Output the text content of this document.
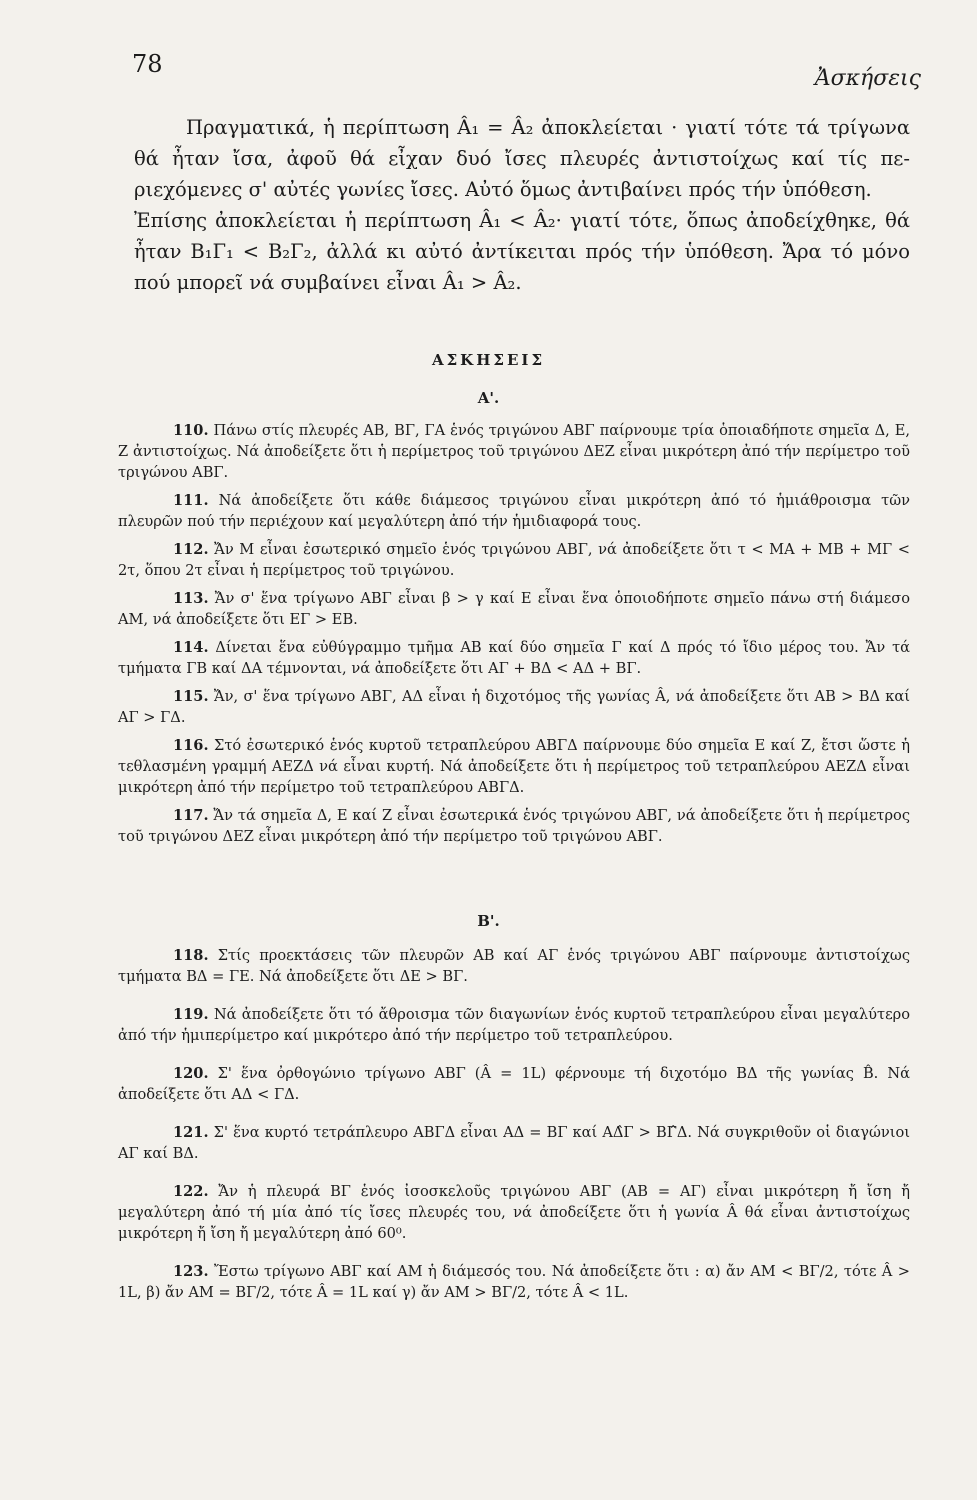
78
Ἀσκήσεις

Πραγματικά, ἡ περίπτωση Â₁ = Â₂ ἀποκλείεται · γιατί τότε τά τρίγωνα θά ἦταν ἴσα, ἀφοῦ θά εἶχαν δυό ἴσες πλευρές ἀντιστοίχως καί τίς περιεχόμενες σ' αὐτές γωνίες ἴσες. Αὐτό ὅμως ἀντιβαίνει πρός τήν ὑπόθεση.

Ἐπίσης ἀποκλείεται ἡ περίπτωση Â₁ < Â₂· γιατί τότε, ὅπως ἀποδείχθηκε, θά ἦταν Β₁Γ₁ < Β₂Γ₂, ἀλλά κι αὐτό ἀντίκειται πρός τήν ὑπόθεση. Ἄρα τό μόνο πού μπορεῖ νά συμβαίνει εἶναι Â₁ > Â₂.

ΑΣΚΗΣΕΙΣ
Α'.

110. Πάνω στίς πλευρές ΑΒ, ΒΓ, ΓΑ ἑνός τριγώνου ΑΒΓ παίρνουμε τρία ὁποιαδήποτε σημεῖα Δ, Ε, Ζ ἀντιστοίχως. Νά ἀποδείξετε ὅτι ἡ περίμετρος τοῦ τριγώνου ΔΕΖ εἶναι μικρότερη ἀπό τήν περίμετρο τοῦ τριγώνου ΑΒΓ.

111. Νά ἀποδείξετε ὅτι κάθε διάμεσος τριγώνου εἶναι μικρότερη ἀπό τό ἡμιάθροισμα τῶν πλευρῶν πού τήν περιέχουν καί μεγαλύτερη ἀπό τήν ἡμιδιαφορά τους.

112. Ἄν Μ εἶναι ἐσωτερικό σημεῖο ἑνός τριγώνου ΑΒΓ, νά ἀποδείξετε ὅτι τ < ΜΑ + ΜΒ + ΜΓ < 2τ, ὅπου 2τ εἶναι ἡ περίμετρος τοῦ τριγώνου.

113. Ἄν σ' ἕνα τρίγωνο ΑΒΓ εἶναι β > γ καί Ε εἶναι ἕνα ὁποιοδήποτε σημεῖο πάνω στή διάμεσο ΑΜ, νά ἀποδείξετε ὅτι ΕΓ > ΕΒ.

114. Δίνεται ἕνα εὐθύγραμμο τμῆμα ΑΒ καί δύο σημεῖα Γ καί Δ πρός τό ἴδιο μέρος του. Ἄν τά τμήματα ΓΒ καί ΔΑ τέμνονται, νά ἀποδείξετε ὅτι ΑΓ + ΒΔ < ΑΔ + ΒΓ.

115. Ἄν, σ' ἕνα τρίγωνο ΑΒΓ, ΑΔ εἶναι ἡ διχοτόμος τῆς γωνίας Â, νά ἀποδείξετε ὅτι ΑΒ > ΒΔ καί ΑΓ > ΓΔ.

116. Στό ἐσωτερικό ἑνός κυρτοῦ τετραπλεύρου ΑΒΓΔ παίρνουμε δύο σημεῖα Ε καί Ζ, ἔτσι ὥστε ἡ τεθλασμένη γραμμή ΑΕΖΔ νά εἶναι κυρτή. Νά ἀποδείξετε ὅτι ἡ περίμετρος τοῦ τετραπλεύρου ΑΕΖΔ εἶναι μικρότερη ἀπό τήν περίμετρο τοῦ τετραπλεύρου ΑΒΓΔ.

117. Ἄν τά σημεῖα Δ, Ε καί Ζ εἶναι ἐσωτερικά ἑνός τριγώνου ΑΒΓ, νά ἀποδείξετε ὅτι ἡ περίμετρος τοῦ τριγώνου ΔΕΖ εἶναι μικρότερη ἀπό τήν περίμετρο τοῦ τριγώνου ΑΒΓ.

Β'.

118. Στίς προεκτάσεις τῶν πλευρῶν ΑΒ καί ΑΓ ἑνός τριγώνου ΑΒΓ παίρνουμε ἀντιστοίχως τμήματα ΒΔ = ΓΕ. Νά ἀποδείξετε ὅτι ΔΕ > ΒΓ.

119. Νά ἀποδείξετε ὅτι τό ἄθροισμα τῶν διαγωνίων ἑνός κυρτοῦ τετραπλεύρου εἶναι μεγαλύτερο ἀπό τήν ἡμιπερίμετρο καί μικρότερο ἀπό τήν περίμετρο τοῦ τετραπλεύρου.

120. Σ' ἕνα ὀρθογώνιο τρίγωνο ΑΒΓ (Â = 1L) φέρνουμε τή διχοτόμο ΒΔ τῆς γωνίας B̂. Νά ἀποδείξετε ὅτι ΑΔ < ΓΔ.

121. Σ' ἕνα κυρτό τετράπλευρο ΑΒΓΔ εἶναι ΑΔ = ΒΓ καί ΑΔ̂Γ > ΒΓ̂Δ. Νά συγκριθοῦν οἱ διαγώνιοι ΑΓ καί ΒΔ.

122. Ἄν ἡ πλευρά ΒΓ ἑνός ἰσοσκελοῦς τριγώνου ΑΒΓ (ΑΒ = ΑΓ) εἶναι μικρότερη ἤ ἴση ἤ μεγαλύτερη ἀπό τή μία ἀπό τίς ἴσες πλευρές του, νά ἀποδείξετε ὅτι ἡ γωνία Â θά εἶναι ἀντιστοίχως μικρότερη ἤ ἴση ἤ μεγαλύτερη ἀπό 60⁰.

123. Ἔστω τρίγωνο ΑΒΓ καί ΑΜ ἡ διάμεσός του. Νά ἀποδείξετε ὅτι : α) ἄν ΑΜ < ΒΓ/2, τότε Â > 1L, β) ἄν ΑΜ = ΒΓ/2, τότε Â = 1L καί γ) ἄν ΑΜ > ΒΓ/2, τότε Â < 1L.
